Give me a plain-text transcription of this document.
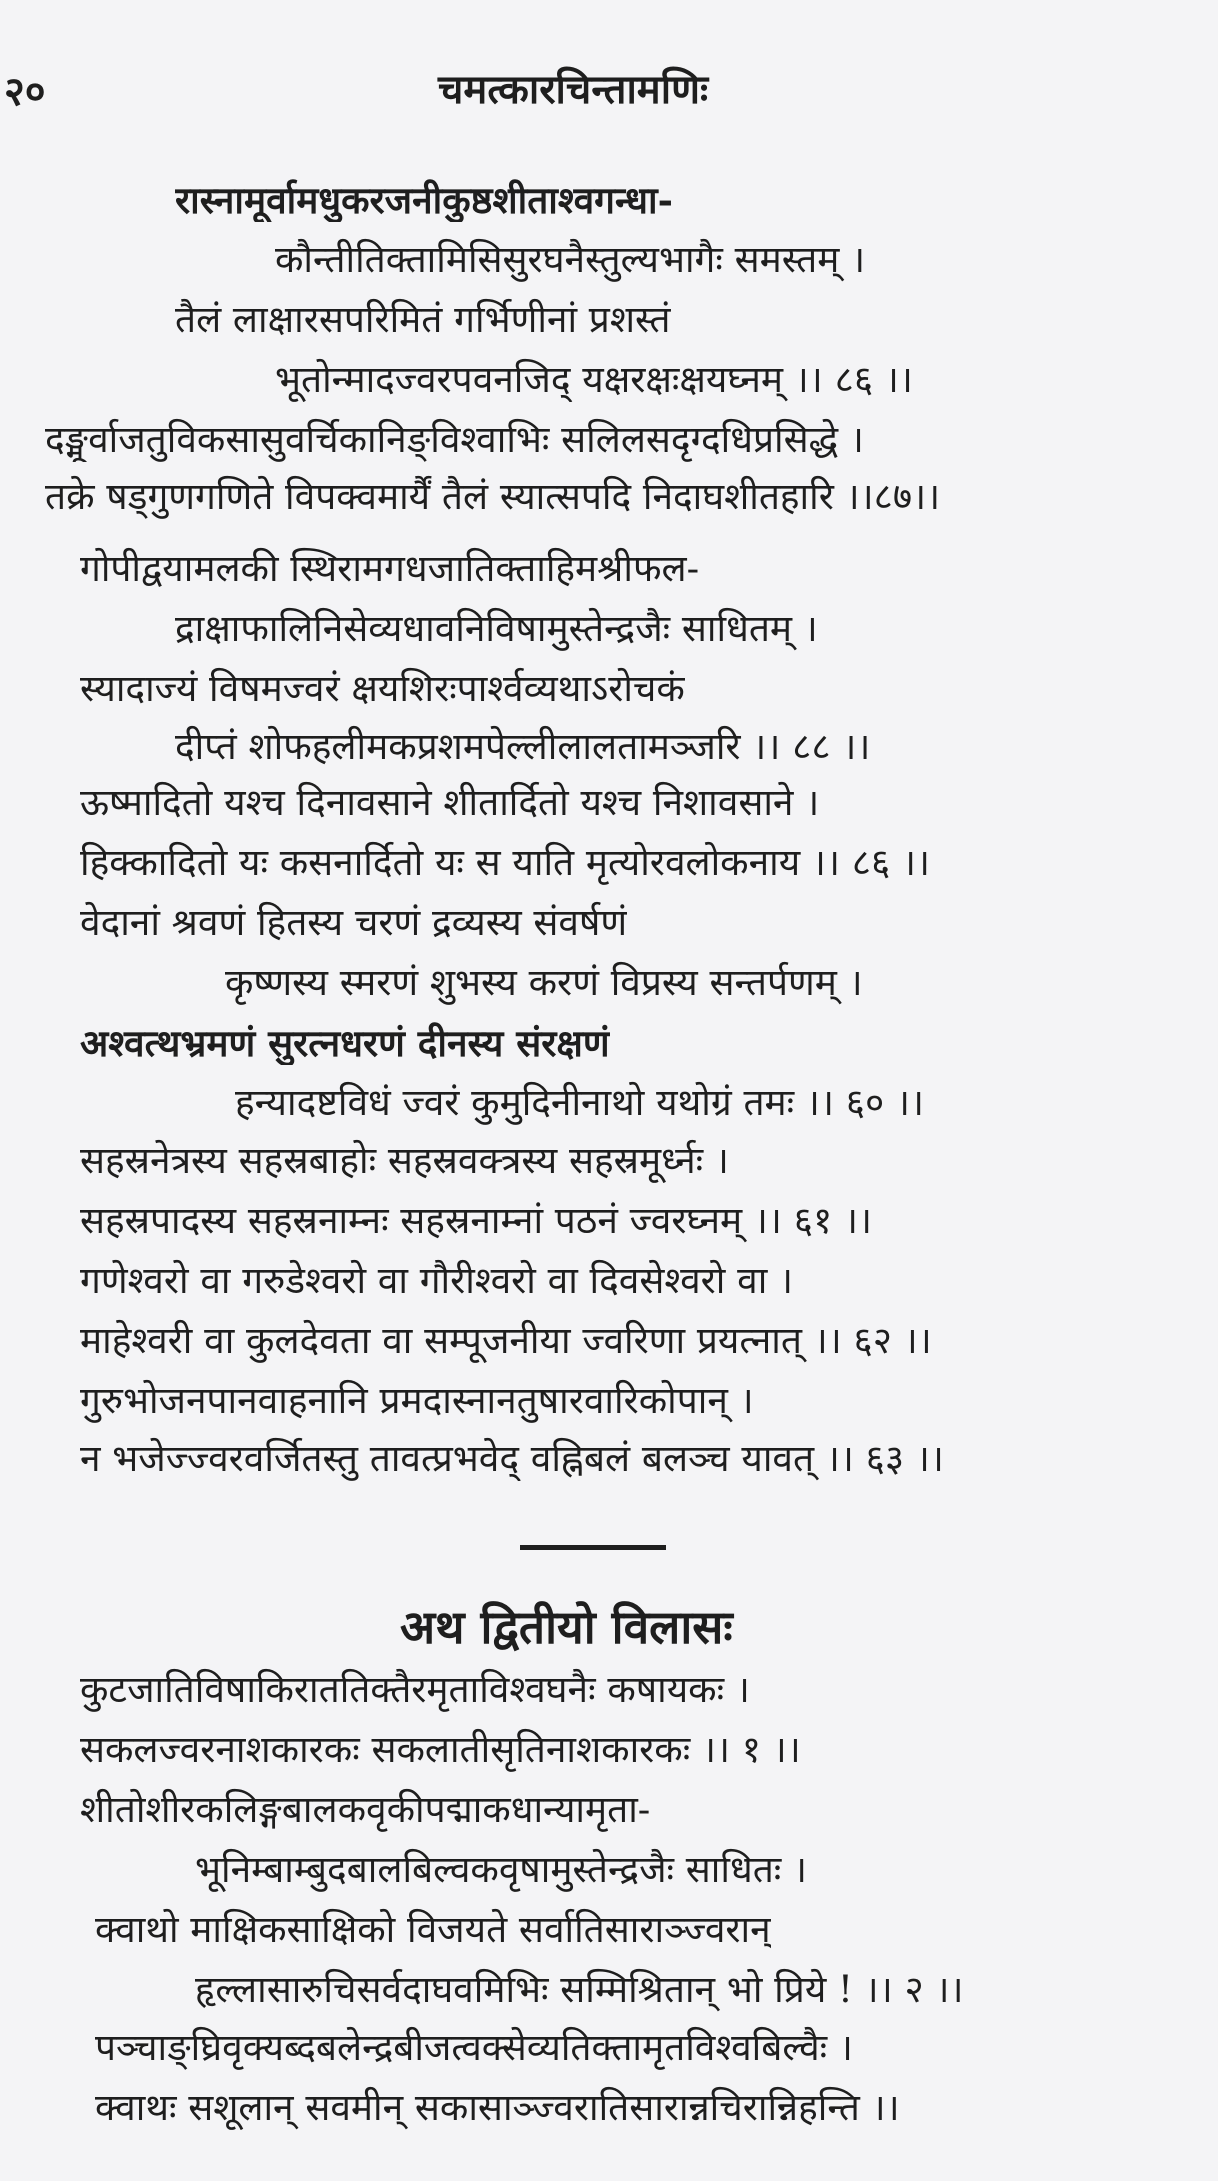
२०	चमत्कारचिन्तामणिः
रास्नामूर्वामधुकरजनीकुष्ठशीताश्वगन्धा-
कौन्तीतिक्तामिसिसुरघनैस्तुल्यभागैः समस्तम् ।
तैलं लाक्षारसपरिमितं गर्भिणीनां प्रशस्तं
भूतोन्मादज्वरपवनजिद् यक्षरक्षःक्षयघ्नम् ।। ८६ ।।
दङ्मूर्वाजतुविकसासुवर्चिकानिङ्विश्वाभिः सलिलसदृग्दधिप्रसिद्धे ।
तक्रे षड्गुणगणिते विपक्वमार्यैं तैलं स्यात्सपदि निदाघशीतहारि ।।८७।।
गोपीद्वयामलकी स्थिरामगधजातिक्ताहिमश्रीफल-
द्राक्षाफालिनिसेव्यधावनिविषामुस्तेन्द्रजैः साधितम् ।
स्यादाज्यं विषमज्वरं क्षयशिरःपार्श्वव्यथाऽरोचकं
दीप्तं शोफहलीमकप्रशमपेल्लीलालतामञ्जरि ।। ८८ ।।
ऊष्मादितो यश्च दिनावसाने शीतार्दितो यश्च निशावसाने ।
हिक्कादितो यः कसनार्दितो यः स याति मृत्योरवलोकनाय ।। ८६ ।।
वेदानां श्रवणं हितस्य चरणं द्रव्यस्य संवर्षणं
कृष्णस्य स्मरणं शुभस्य करणं विप्रस्य सन्तर्पणम् ।
अश्वत्थभ्रमणं सुरत्नधरणं दीनस्य संरक्षणं
हन्यादष्टविधं ज्वरं कुमुदिनीनाथो यथोग्रं तमः ।। ६० ।।
सहस्रनेत्रस्य सहस्रबाहोः सहस्रवक्त्रस्य सहस्रमूर्ध्नः ।
सहस्रपादस्य सहस्रनाम्नः सहस्रनाम्नां पठनं ज्वरघ्नम् ।। ६१ ।।
गणेश्वरो वा गरुडेश्वरो वा गौरीश्वरो वा दिवसेश्वरो वा ।
माहेश्वरी वा कुलदेवता वा सम्पूजनीया ज्वरिणा प्रयत्नात् ।। ६२ ।।
गुरुभोजनपानवाहनानि प्रमदास्नानतुषारवारिकोपान् ।
न भजेज्ज्वरवर्जितस्तु तावत्प्रभवेद् वह्निबलं बलञ्च यावत् ।। ६३ ।।
कुटजातिविषाकिराततिक्तैरमृताविश्वघनैः कषायकः ।
सकलज्वरनाशकारकः सकलातीसृतिनाशकारकः ।। १ ।।
शीतोशीरकलिङ्गबालकवृकीपद्माकधान्यामृता-
भूनिम्बाम्बुदबालबिल्वकवृषामुस्तेन्द्रजैः साधितः ।
क्वाथो माक्षिकसाक्षिको विजयते सर्वातिसाराञ्ज्वरान्
हृल्लासारुचिसर्वदाघवमिभिः सम्मिश्रितान् भो प्रिये ! ।। २ ।।
पञ्चाङ्घ्रिवृक्यब्दबलेन्द्रबीजत्वक्सेव्यतिक्तामृतविश्वबिल्वैः ।
क्वाथः सशूलान् सवमीन् सकासाञ्ज्वरातिसारान्नचिरान्निहन्ति ।।
अथ द्वितीयो विलासः
